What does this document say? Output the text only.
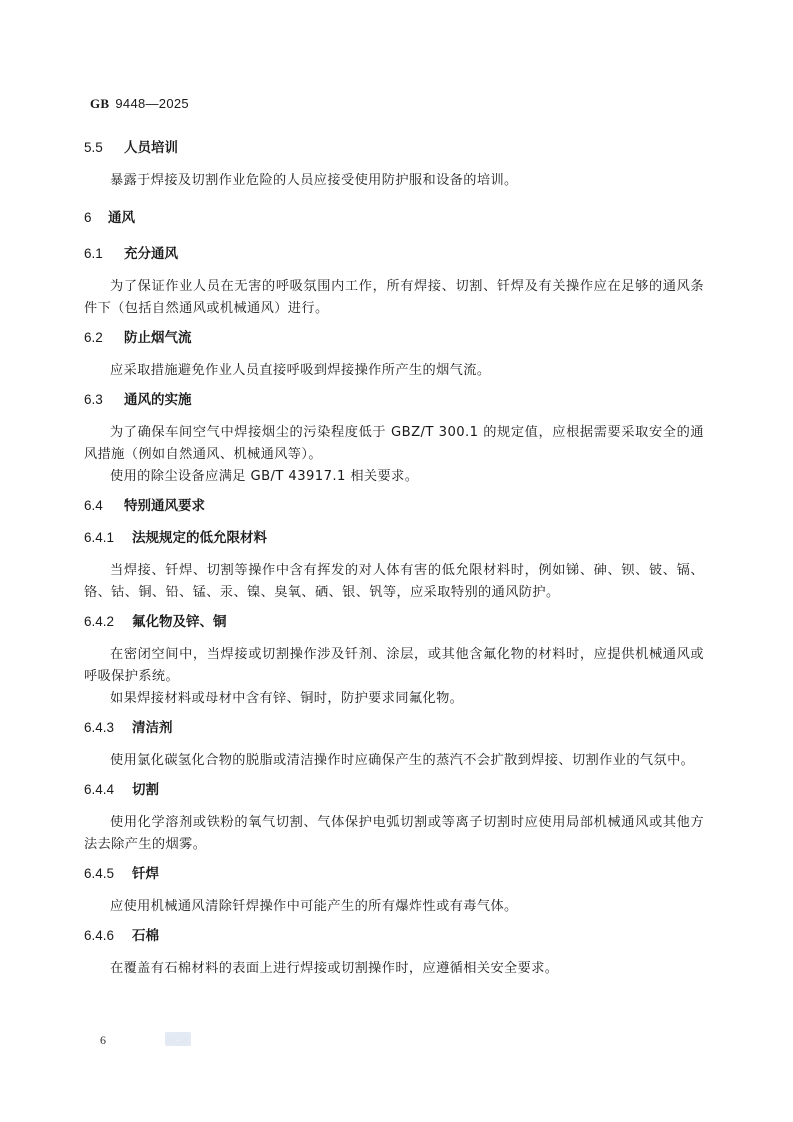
GB 9448—2025

5.5 人员培训

暴露于焊接及切割作业危险的人员应接受使用防护服和设备的培训。

6 通风

6.1 充分通风

为了保证作业人员在无害的呼吸氛围内工作，所有焊接、切割、钎焊及有关操作应在足够的通风条件下（包括自然通风或机械通风）进行。

6.2 防止烟气流

应采取措施避免作业人员直接呼吸到焊接操作所产生的烟气流。

6.3 通风的实施

为了确保车间空气中焊接烟尘的污染程度低于 GBZ/T 300.1 的规定值，应根据需要采取安全的通风措施（例如自然通风、机械通风等）。

使用的除尘设备应满足 GB/T 43917.1 相关要求。

6.4 特别通风要求

6.4.1 法规规定的低允限材料

当焊接、钎焊、切割等操作中含有挥发的对人体有害的低允限材料时，例如锑、砷、钡、铍、镉、铬、钴、铜、铅、锰、汞、镍、臭氧、硒、银、钒等，应采取特别的通风防护。

6.4.2 氟化物及锌、铜

在密闭空间中，当焊接或切割操作涉及钎剂、涂层，或其他含氟化物的材料时，应提供机械通风或呼吸保护系统。

如果焊接材料或母材中含有锌、铜时，防护要求同氟化物。

6.4.3 清洁剂

使用氯化碳氢化合物的脱脂或清洁操作时应确保产生的蒸汽不会扩散到焊接、切割作业的气氛中。

6.4.4 切割

使用化学溶剂或铁粉的氧气切割、气体保护电弧切割或等离子切割时应使用局部机械通风或其他方法去除产生的烟雾。

6.4.5 钎焊

应使用机械通风清除钎焊操作中可能产生的所有爆炸性或有毒气体。

6.4.6 石棉

在覆盖有石棉材料的表面上进行焊接或切割操作时，应遵循相关安全要求。

6	SAC
